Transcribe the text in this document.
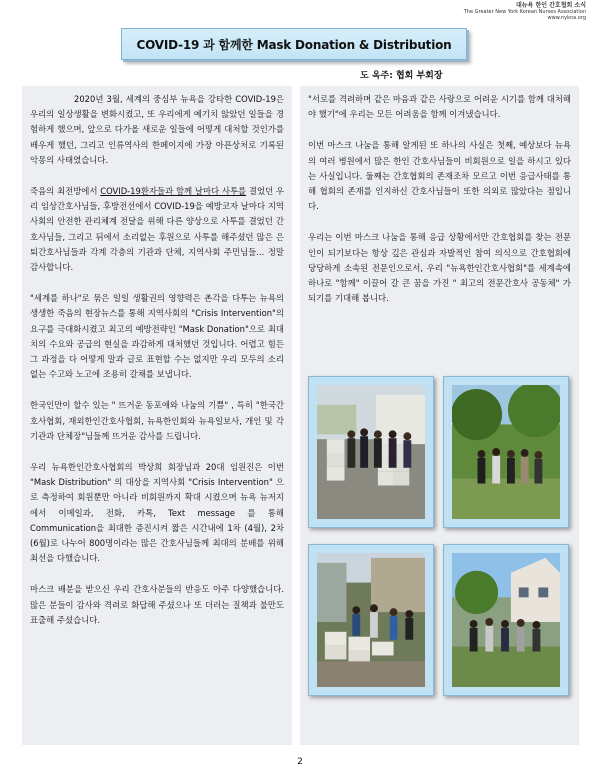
대뉴욕 한인 간호협회 소식
The Greater New York Korean Nurses Association
www.nykna.org
COVID-19 과 함께한 Mask Donation & Distribution
도 옥주: 협회 부회장

2020년 3월, 세계의 중심부 뉴욕을 강타한 COVID-19은 우리의 일상생활을 변화시켰고, 또 우리에게 예기치 않았던 일들을 경험하게 했으며, 앞으로 다가올 새로운 일들에 어떻게 대처할 것인가를 배우게 했던, 그리고 인류역사의 한페이지에 가장 아픈상처로 기록된 악몽의 사태였습니다.

죽음의 최전방에서 COVID-19환자들과 함께 날마다 사투를 결었던 우리 임상간호사님들, 후방전선에서 COVID-19을 예방코자 날마다 지역사회의 안전한 관리체계 전달을 위해 다른 양상으로 사투를 결었던 간호사님들, 그리고 뒤에서 소리없는 후원으로 사투를 해주셨던 많은 은퇴간호사님들과 각계 각층의 기관과 단체, 지역사회 주민님들... 정말 감사합니다.

"세계를 하나"로 묶은 일일 생활권의 영향력은 촌각을 다투는 뉴욕의 생생한 죽음의 현장뉴스를 통해 지역사회의 "Crisis Intervention"의 요구를 극대화시켰고 최고의 예방전략인 "Mask Donation"으로 최대치의 수요와 공급의 현실을 과감하게 대처했던 것입니다. 어렵고 힘든 그 과정을 다 어떻게 말과 글로 표현할 수는 없지만 우리 모두의 소리없는 수고와 노고에 조용히 갈채를 보냅니다.

한국인만이 할수 있는 " 뜨거운 동포애와 나눔의 기쁨" , 특히 "한국간호사협회, 재외한인간호사협회, 뉴욕한인회와 뉴욕일보사, 개인 및 각 기관과 단체장"님들께 뜨거운 감사를 드립니다.

우리 뉴욕한인간호사협회의 박상희 회장님과 20대 임원진은 이번 "Mask Distribution" 의 대상을 지역사회 "Crisis Intervention" 으로 측정하여 회원뿐만 아니라 비회원까지 확대 시켰으며 뉴욕 뉴저지에서 이메일과, 전화, 카톡, Text message 를 통해 Communication을 최대한 증진시켜 짧은 시간내에 1차 (4월), 2차 (6월)로 나누어 800명이라는 많은 간호사님들께 최대의 분배를 위해 최선을 다했습니다.

마스크 배분을 받으신 우리 간호사분들의 반응도 아주 다양했습니다. 많은 분들이 감사와 격려로 화답해 주셨으나 또 더러는 질책과 불만도 표출해 주셨습니다.

"서로를 격려하며 같은 마음과 같은 사랑으로 어려운 시기를 함께 대처해야 했기"에 우리는 모든 어려움을 함께 이겨냈습니다.

이번 마스크 나눔을 통해 알게된 또 하나의 사실은 첫째, 예상보다 뉴욕의 여러 병원에서 많은 한인 간호사님들이 비회원으로 일을 하시고 있다는 사실입니다. 둘째는 간호협회의 존재조차 모르고 이번 응급사태를 통해 협회의 존재를 인지하신 간호사님들이 또한 의외로 많았다는 점입니다.

우리는 이번 마스크 나눔을 통해 응급 상황에서만 간호협회를 찾는 전문인이 되기보다는 항상 깊은 관심과 자발적인 참여 의식으로 간호협회에 당당하게 소속된 전문인으로서, 우리 "뉴욕한인간호사협회"를 세계속에 하나로 "함께" 이끌어 갈 큰 꿈을 가진 " 최고의 전문간호사 공동체" 가 되기를 기대해 봅니다.

2
